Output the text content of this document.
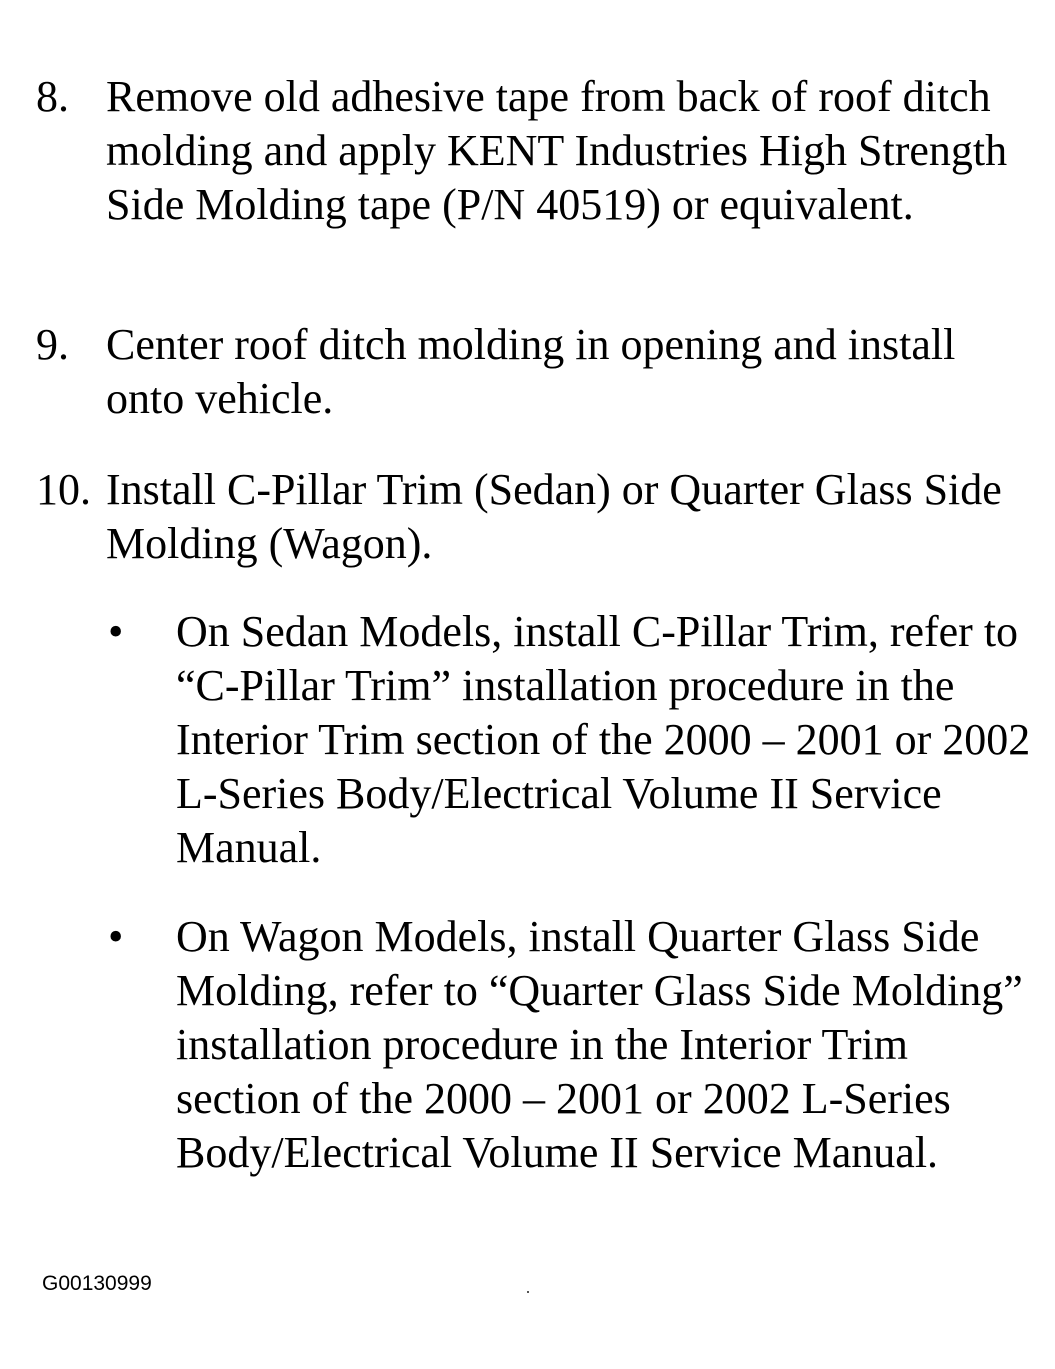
8. Remove old adhesive tape from back of roof ditch molding and apply KENT Industries High Strength Side Molding tape (P/N 40519) or equivalent.
9. Center roof ditch molding in opening and install onto vehicle.
10. Install C-Pillar Trim (Sedan) or Quarter Glass Side Molding (Wagon).
• On Sedan Models, install C-Pillar Trim, refer to “C-Pillar Trim” installation procedure in the Interior Trim section of the 2000 – 2001 or 2002 L-Series Body/Electrical Volume II Service Manual.
• On Wagon Models, install Quarter Glass Side Molding, refer to “Quarter Glass Side Molding” installation procedure in the Interior Trim section of the 2000 – 2001 or 2002 L-Series Body/Electrical Volume II Service Manual.
G00130999
